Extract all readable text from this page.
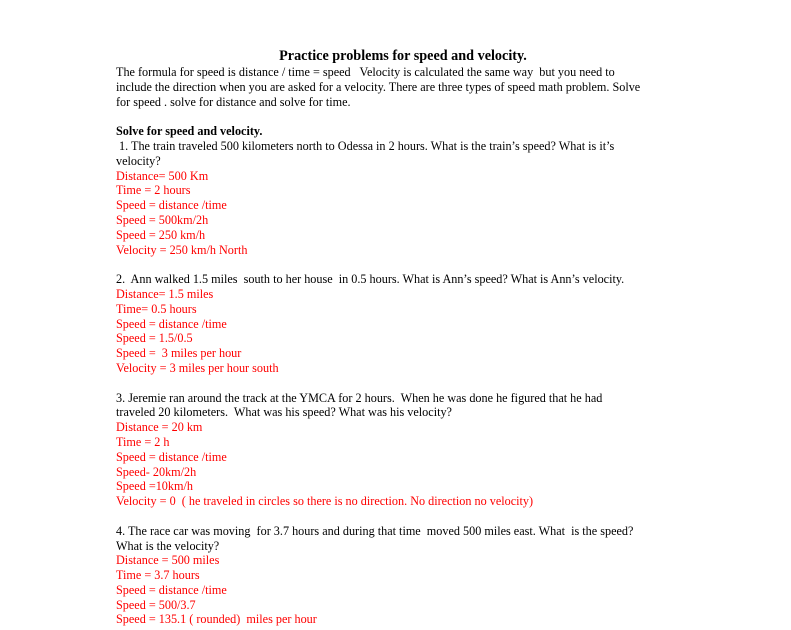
Practice problems for speed and velocity.
The formula for speed is distance / time = speed   Velocity is calculated the same way  but you need to
include the direction when you are asked for a velocity. There are three types of speed math problem. Solve
for speed . solve for distance and solve for time.
Solve for speed and velocity.
1. The train traveled 500 kilometers north to Odessa in 2 hours. What is the train’s speed? What is it’s
velocity?
Distance= 500 Km
Time = 2 hours
Speed = distance /time
Speed = 500km/2h
Speed = 250 km/h
Velocity = 250 km/h North
2.  Ann walked 1.5 miles  south to her house  in 0.5 hours. What is Ann’s speed? What is Ann’s velocity.
Distance= 1.5 miles
Time= 0.5 hours
Speed = distance /time
Speed = 1.5/0.5
Speed =  3 miles per hour
Velocity = 3 miles per hour south
3. Jeremie ran around the track at the YMCA for 2 hours.  When he was done he figured that he had
traveled 20 kilometers.  What was his speed? What was his velocity?
Distance = 20 km
Time = 2 h
Speed = distance /time
Speed- 20km/2h
Speed =10km/h
Velocity = 0  ( he traveled in circles so there is no direction. No direction no velocity)
4. The race car was moving  for 3.7 hours and during that time  moved 500 miles east. What  is the speed?
What is the velocity?
Distance = 500 miles
Time = 3.7 hours
Speed = distance /time
Speed = 500/3.7
Speed = 135.1 ( rounded)  miles per hour
